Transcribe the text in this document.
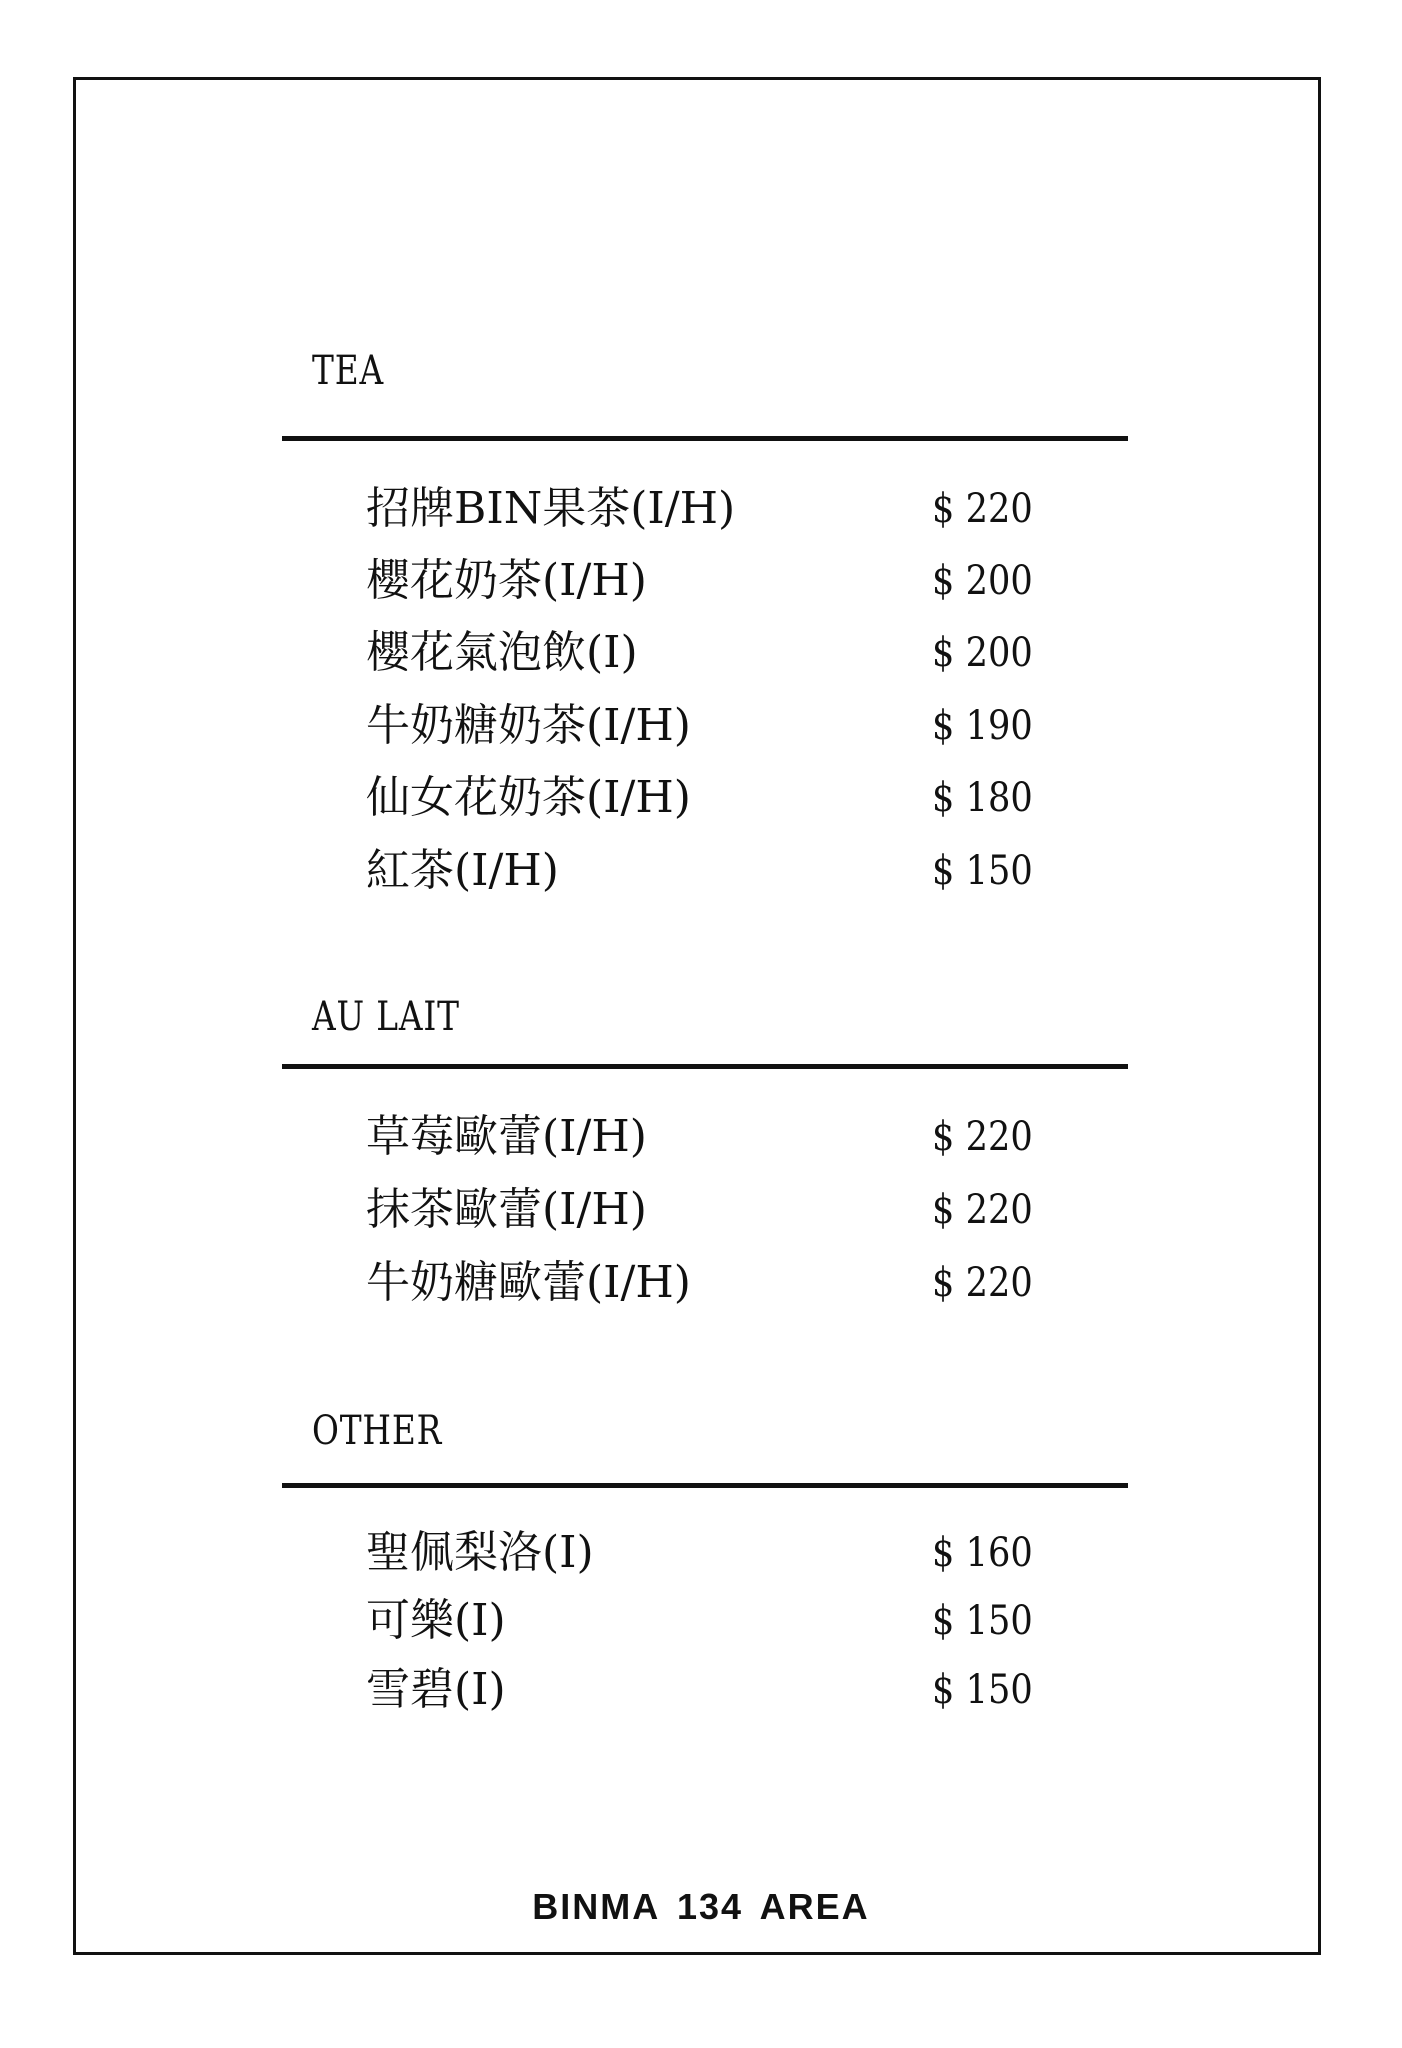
TEA
招牌BIN果茶(I/H)	$ 220
櫻花奶茶(I/H)	$ 200
櫻花氣泡飲(I)	$ 200
牛奶糖奶茶(I/H)	$ 190
仙女花奶茶(I/H)	$ 180
紅茶(I/H)	$ 150
AU LAIT
草莓歐蕾(I/H)	$ 220
抹茶歐蕾(I/H)	$ 220
牛奶糖歐蕾(I/H)	$ 220
OTHER
聖佩梨洛(I)	$ 160
可樂(I)	$ 150
雪碧(I)	$ 150
BINMA 134 AREA
